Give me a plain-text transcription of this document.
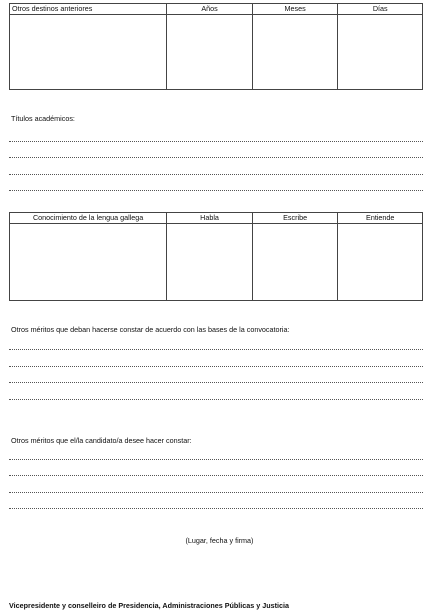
Otros destinos anteriores	Años	Meses	Días
Títulos académicos:
Conocimiento de la lengua gallega	Habla	Escribe	Entiende
Otros méritos que deban hacerse constar de acuerdo con las bases de la convocatoria:
Otros méritos que el/la candidato/a desee hacer constar:
(Lugar, fecha y firma)
Vicepresidente y conselleiro de Presidencia, Administraciones Públicas y Justicia
